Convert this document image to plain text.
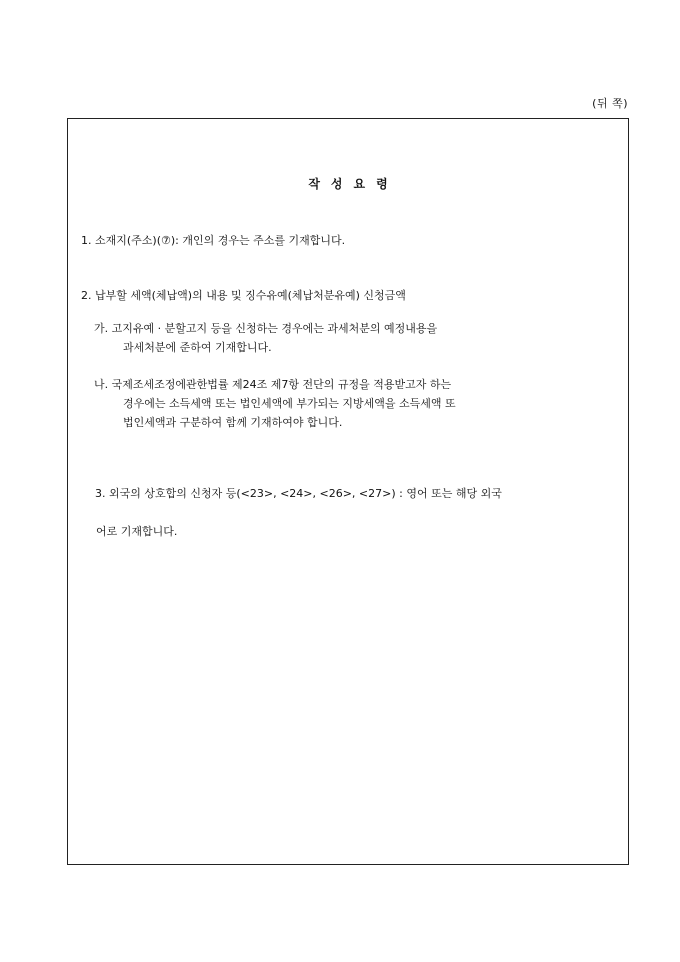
(뒤 쪽)
작성요령
1. 소재지(주소)(⑦): 개인의 경우는 주소를 기재합니다.
2. 납부할 세액(체납액)의 내용 및 징수유예(체납처분유예) 신청금액
가. 고지유예 · 분할고지 등을 신청하는 경우에는 과세처분의 예정내용을
과세처분에 준하여 기재합니다.
나. 국제조세조정에관한법률 제24조 제7항 전단의 규정을 적용받고자 하는
경우에는 소득세액 또는 법인세액에 부가되는 지방세액을 소득세액 또
법인세액과 구분하여 함께 기재하여야 합니다.

3. 외국의 상호합의 신청자 등(<23>, <24>, <26>, <27>) : 영어 또는 해당 외국

어로 기재합니다.
